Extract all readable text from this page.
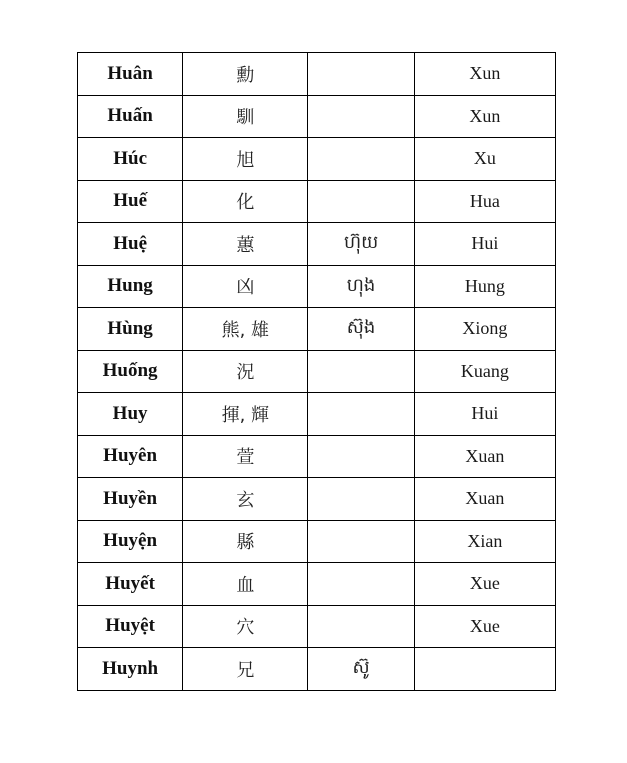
Huân	勳		Xun
Huấn	馴		Xun
Húc	旭		Xu
Huế	化		Hua
Huệ	蕙	ហ៊ុយ	Hui
Hung	凶	ហុង	Hung
Hùng	熊, 雄	ស៊ុង	Xiong
Huống	況		Kuang
Huy	揮, 輝		Hui
Huyên	萱		Xuan
Huyền	玄		Xuan
Huyện	縣		Xian
Huyết	血		Xue
Huyệt	穴		Xue
Huynh	兄	ស៊ូ	
